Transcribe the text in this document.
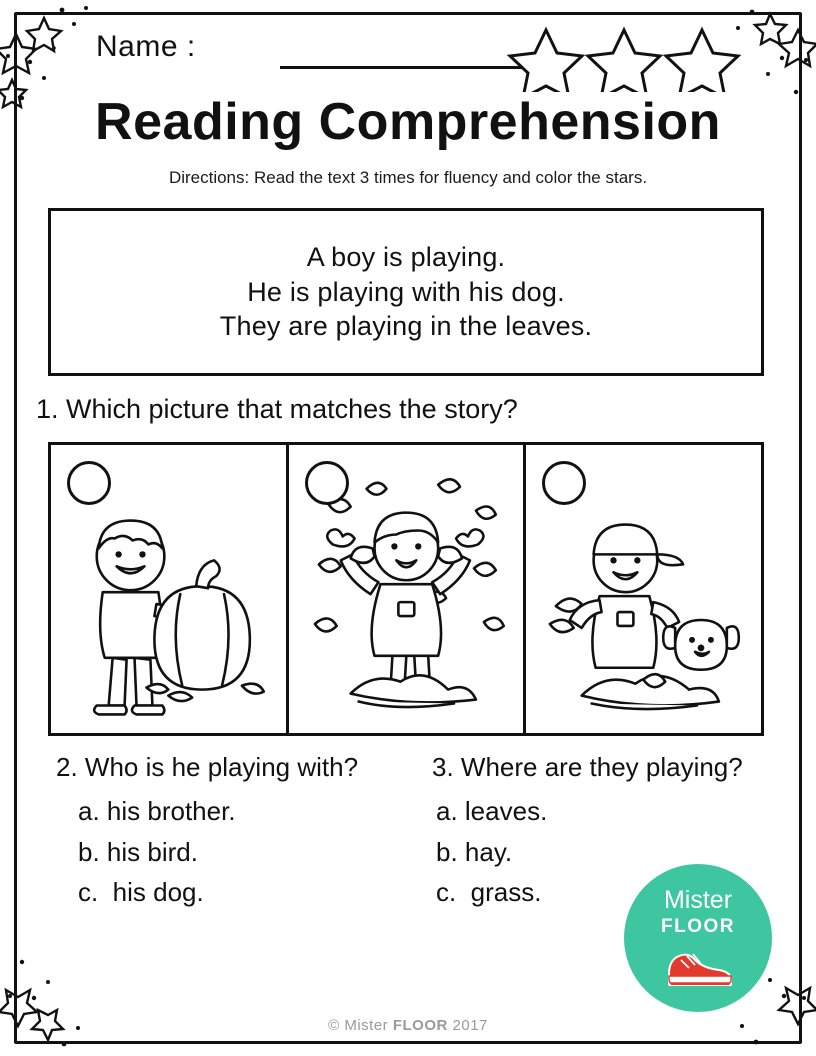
Name :
Reading Comprehension
Directions: Read the text 3 times for fluency and color the stars.
A boy is playing.
He is playing with his dog.
They are playing in the leaves.
1. Which picture that matches the story?

2. Who is he playing with?

a. his brother.
b. his bird.
c.  his dog.

3. Where are they playing?

a. leaves.
b. hay.
c.  grass.	Mister
FLOOR
© Mister FLOOR 2017
